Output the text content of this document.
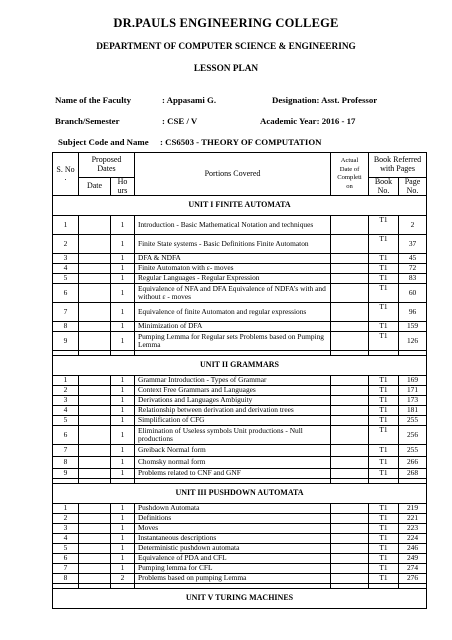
DR.PAULS ENGINEERING COLLEGE
DEPARTMENT OF COMPUTER SCIENCE & ENGINEERING
LESSON PLAN
Name of the Faculty	: Appasami G.	Designation: Asst. Professor
Branch/Semester	: CSE / V	Academic Year: 2016 - 17
Subject Code and Name : CS6503 - THEORY OF COMPUTATION
S. No .	Proposed Dates		Portions Covered	Actual Date of Completi on	Book Referred with Pages	
	Date	Ho urs			Book No.	Page No.

UNIT I FINITE AUTOMATA						
1		1	Introduction - Basic Mathematical Notation and techniques		T1	2
2		1	Finite State systems - Basic Definitions Finite Automaton		T1	37
3		1	DFA & NDFA		T1	45
4		1	Finite Automaton with ε- moves		T1	72
5		1	Regular Languages - Regular Expression		T1	83
6		1	Equivalence of NFA and DFA Equivalence of NDFA’s with and without ε - moves		T1	60
7		1	Equivalence of finite Automaton and regular expressions		T1	96
8		1	Minimization of DFA		T1	159
9		1	Pumping Lemma for Regular sets Problems based on Pumping Lemma		T1	126

UNIT II GRAMMARS						
1		1	Grammar Introduction - Types of Grammar		T1	169
2		1	Context Free Grammars and Languages		T1	171
3		1	Derivations and Languages Ambiguity		T1	173
4		1	Relationship between derivation and derivation trees		T1	181
5		1	Simplification of CFG		T1	255
6		1	Elimination of Useless symbols Unit productions - Null productions		T1	256
7		1	Greiback Normal form		T1	255
8		1	Chomsky normal form		T1	266
9		1	Problems related to CNF and GNF		T1	268

UNIT III PUSHDOWN AUTOMATA						
1		1	Pushdown Automata		T1	219
2		1	Definitions		T1	221
3		1	Moves		T1	223
4		1	Instantaneous descriptions		T1	224
5		1	Deterministic pushdown automata		T1	246
6		1	Equivalence of PDA and CFL		T1	249
7		1	Pumping lemma for CFL		T1	274
8		2	Problems based on pumping Lemma		T1	276

UNIT V TURING MACHINES						
